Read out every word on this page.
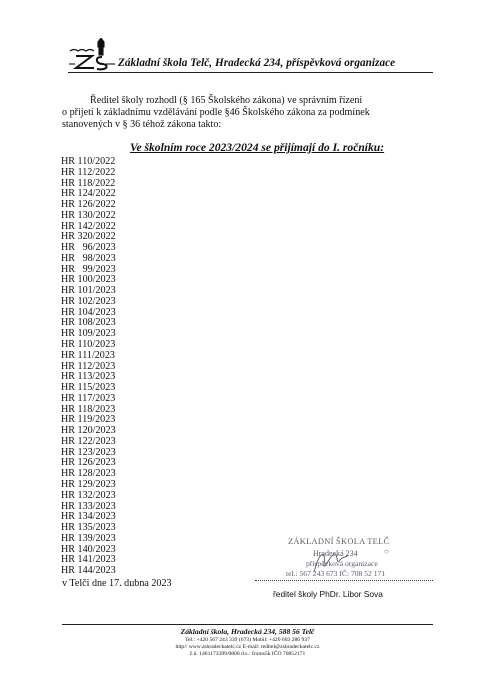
Základní škola Telč, Hradecká 234, příspěvková organizace
Ředitel školy rozhodl (§ 165 Školského zákona) ve správním řízení
o přijetí k základnímu vzdělávání podle §46 Školského zákona za podmínek
stanovených v § 36 téhož zákona takto:
Ve školním roce 2023/2024 se přijímají do I. ročníku:
HR 110/2022
HR 112/2022
HR 118/2022
HR 124/2022
HR 126/2022
HR 130/2022
HR 142/2022
HR 320/2022
HR   96/2023
HR   98/2023
HR   99/2023
HR 100/2023
HR 101/2023
HR 102/2023
HR 104/2023
HR 108/2023
HR 109/2023
HR 110/2023
HR 111/2023
HR 112/2023
HR 113/2023
HR 115/2023
HR 117/2023
HR 118/2023
HR 119/2023
HR 120/2023
HR 122/2023
HR 123/2023
HR 126/2023
HR 128/2023
HR 129/2023
HR 132/2023
HR 133/2023
HR 134/2023
HR 135/2023
HR 139/2023
HR 140/2023
HR 141/2023
HR 144/2023
ZÁKLADNÍ ŠKOLA TELČ
Hradecká 234
příspěvková organizace
tel.: 567 243 673 IČ: 708 52 171
○
v Telči dne 17. dubna 2023
ředitel školy PhDr. Libor Sova
Základní škola, Hradecká 234, 588 56 Telč
Tel.: +420 567 243 339 (673) Mobil: +420 603 286 937
http// www.zshradeckatelc.cz E-mail: reditel@zshradeckatelc.cz
č.ú. 1461173399/0800 d.s.: fcsms5k IČO 70852171
